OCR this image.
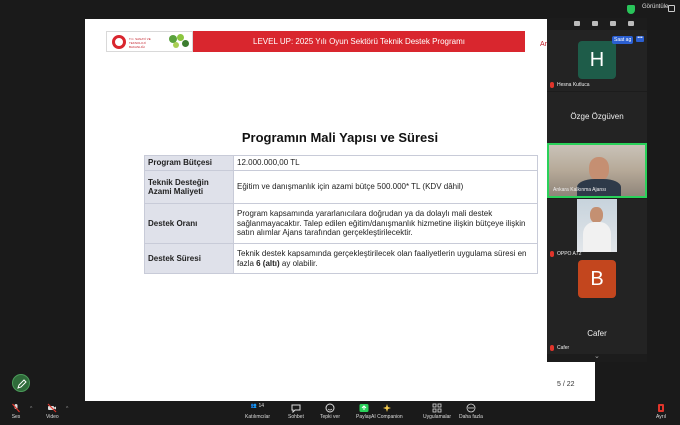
Görüntüle
T.C. SANAYİ VE TEKNOLOJİ BAKANLIĞI
LEVEL UP: 2025 Yılı Oyun Sektörü Teknik Destek Programı	Ar
Programın Mali Yapısı ve Süresi
Program Bütçesi	12.000.000,00 TL
Teknik Desteğin Azami Maliyeti	Eğitim ve danışmanlık için azami bütçe 500.000* TL (KDV dâhil)
Destek Oranı	Program kapsamında yararlanıcılara doğrudan ya da dolaylı mali destek sağlanmayacaktır. Talep edilen eğitim/danışmanlık hizmetine ilişkin bütçeye ilişkin satın alımlar Ajans tarafından gerçekleştirilecektir.
Destek Süresi	Teknik destek kapsamında gerçekleştirilecek olan faaliyetlerin uygulama süresi en fazla 6 (altı) ay olabilir.
5 / 22
H
Hesna Kutluca
Saat ag	•••
Özge Özgüven
Ankara Kalkınma Ajansı
OPPO A72
B
Cafer
Cafer
⌄
Ses
^
Video
^	👥 14
Katılımcılar	Sohbet	Tepki ver	Paylaş AI Companion	Uygulamalar Daha fazla	Ayrıl
